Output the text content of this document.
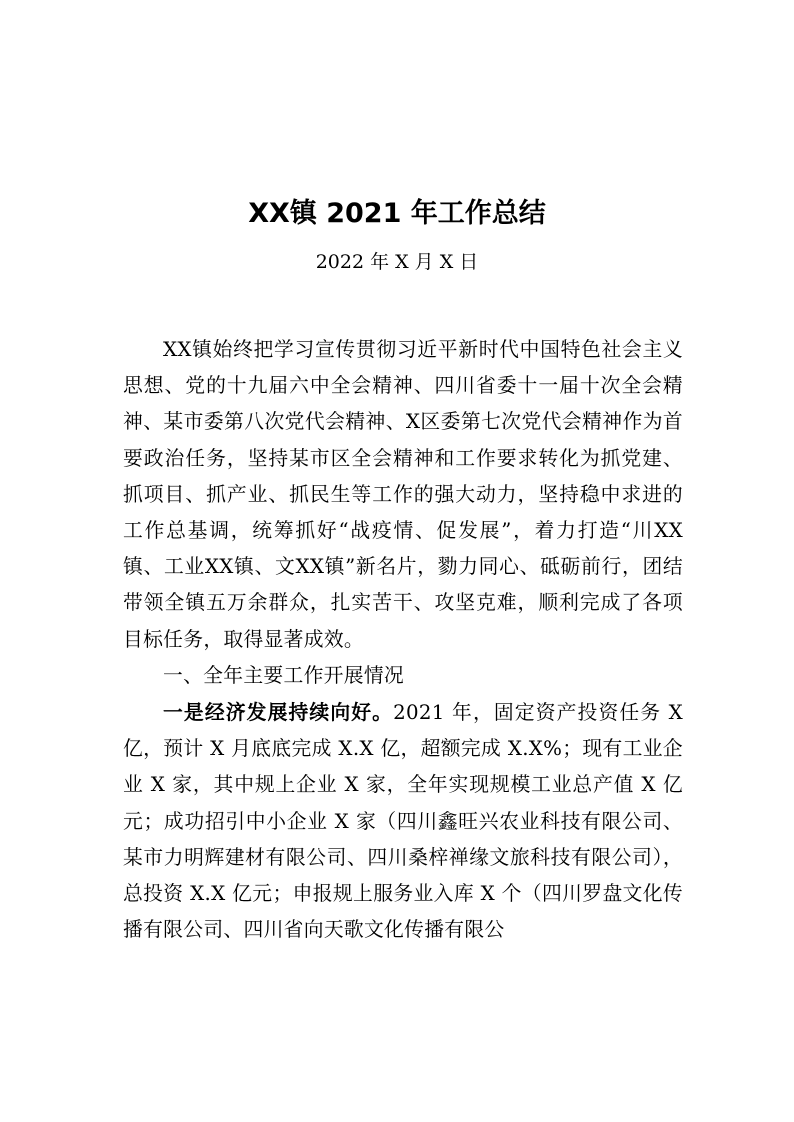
XX镇 2021 年工作总结

2022 年 X 月 X 日

XX镇始终把学习宣传贯彻习近平新时代中国特色社会主义思想、党的十九届六中全会精神、四川省委十一届十次全会精神、某市委第八次党代会精神、X区委第七次党代会精神作为首要政治任务，坚持某市区全会精神和工作要求转化为抓党建、抓项目、抓产业、抓民生等工作的强大动力，坚持稳中求进的工作总基调，统筹抓好“战疫情、促发展”，着力打造“川XX镇、工业XX镇、文XX镇”新名片，勠力同心、砥砺前行，团结带领全镇五万余群众，扎实苦干、攻坚克难，顺利完成了各项目标任务，取得显著成效。

一、全年主要工作开展情况

一是经济发展持续向好。2021 年，固定资产投资任务 X 亿，预计 X 月底底完成 X.X 亿，超额完成 X.X%；现有工业企业 X 家，其中规上企业 X 家，全年实现规模工业总产值 X 亿元；成功招引中小企业 X 家（四川鑫旺兴农业科技有限公司、某市力明辉建材有限公司、四川桑梓禅缘文旅科技有限公司），总投资 X.X 亿元；申报规上服务业入库 X 个（四川罗盘文化传播有限公司、四川省向天歌文化传播有限公
